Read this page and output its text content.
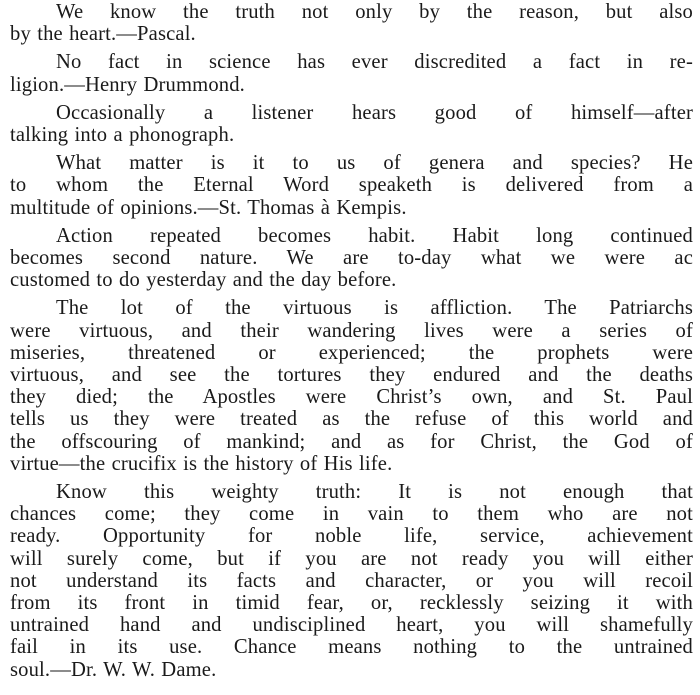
We know the truth not only by the reason, but also
by the heart.—Pascal.

No fact in science has ever discredited a fact in re-
ligion.—Henry Drummond.

Occasionally a listener hears good of himself—after
talking into a phonograph.

What matter is it to us of genera and species? He
to whom the Eternal Word speaketh is delivered from a
multitude of opinions.—St. Thomas à Kempis.

Action repeated becomes habit. Habit long continued
becomes second nature. We are to-day what we were ac
customed to do yesterday and the day before.

The lot of the virtuous is affliction. The Patriarchs
were virtuous, and their wandering lives were a series of
miseries, threatened or experienced; the prophets were
virtuous, and see the tortures they endured and the deaths
they died; the Apostles were Christ’s own, and St. Paul
tells us they were treated as the refuse of this world and
the offscouring of mankind; and as for Christ, the God of
virtue—the crucifix is the history of His life.

Know this weighty truth: It is not enough that
chances come; they come in vain to them who are not
ready. Opportunity for noble life, service, achievement
will surely come, but if you are not ready you will either
not understand its facts and character, or you will recoil
from its front in timid fear, or, recklessly seizing it with
untrained hand and undisciplined heart, you will shamefully
fail in its use. Chance means nothing to the untrained
soul.—Dr. W. W. Dame.
